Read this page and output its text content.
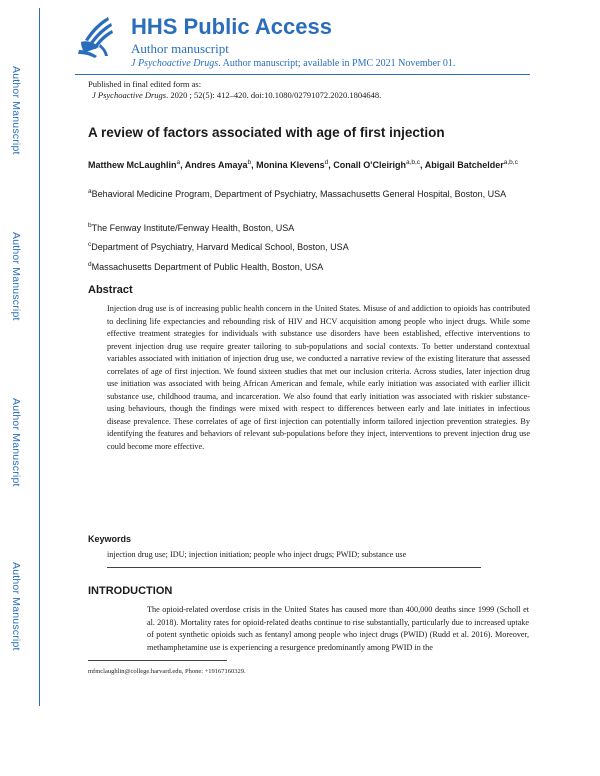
Author Manuscript
Author Manuscript
Author Manuscript
Author Manuscript
HHS Public Access
Author manuscript
J Psychoactive Drugs. Author manuscript; available in PMC 2021 November 01.
Published in final edited form as:
J Psychoactive Drugs. 2020 ; 52(5): 412–420. doi:10.1080/02791072.2020.1804648.
A review of factors associated with age of first injection
Matthew McLaughlin$^a$, Andres Amaya$^b$, Monina Klevens$^d$, Conall O'Cleirigh$^{a,b,c}$, Abigail Batchelder$^{a,b,c}$
$^a$Behavioral Medicine Program, Department of Psychiatry, Massachusetts General Hospital, Boston, USA
$^b$The Fenway Institute/Fenway Health, Boston, USA
$^c$Department of Psychiatry, Harvard Medical School, Boston, USA
$^d$Massachusetts Department of Public Health, Boston, USA
Abstract
Injection drug use is of increasing public health concern in the United States. Misuse of and addiction to opioids has contributed to declining life expectancies and rebounding risk of HIV and HCV acquisition among people who inject drugs. While some effective treatment strategies for individuals with substance use disorders have been established, effective interventions to prevent injection drug use require greater tailoring to sub-populations and social contexts. To better understand contextual variables associated with initiation of injection drug use, we conducted a narrative review of the existing literature that assessed correlates of age of first injection. We found sixteen studies that met our inclusion criteria. Across studies, later injection drug use initiation was associated with being African American and female, while early initiation was associated with earlier illicit substance use, childhood trauma, and incarceration. We also found that early initiation was associated with riskier substance-using behaviours, though the findings were mixed with respect to differences between early and late initiates in infectious disease prevalence. These correlates of age of first injection can potentially inform tailored injection prevention strategies. By identifying the features and behaviors of relevant sub-populations before they inject, interventions to prevent injection drug use could become more effective.
Keywords
injection drug use; IDU; injection initiation; people who inject drugs; PWID; substance use
INTRODUCTION
The opioid-related overdose crisis in the United States has caused more than 400,000 deaths since 1999 (Scholl et al. 2018). Mortality rates for opioid-related deaths continue to rise substantially, particularly due to increased uptake of potent synthetic opioids such as fentanyl among people who inject drugs (PWID) (Rudd et al. 2016). Moreover, methamphetamine use is experiencing a resurgence predominantly among PWID in the
mfmclaughlin@college.harvard.edu, Phone: +19167160329.
